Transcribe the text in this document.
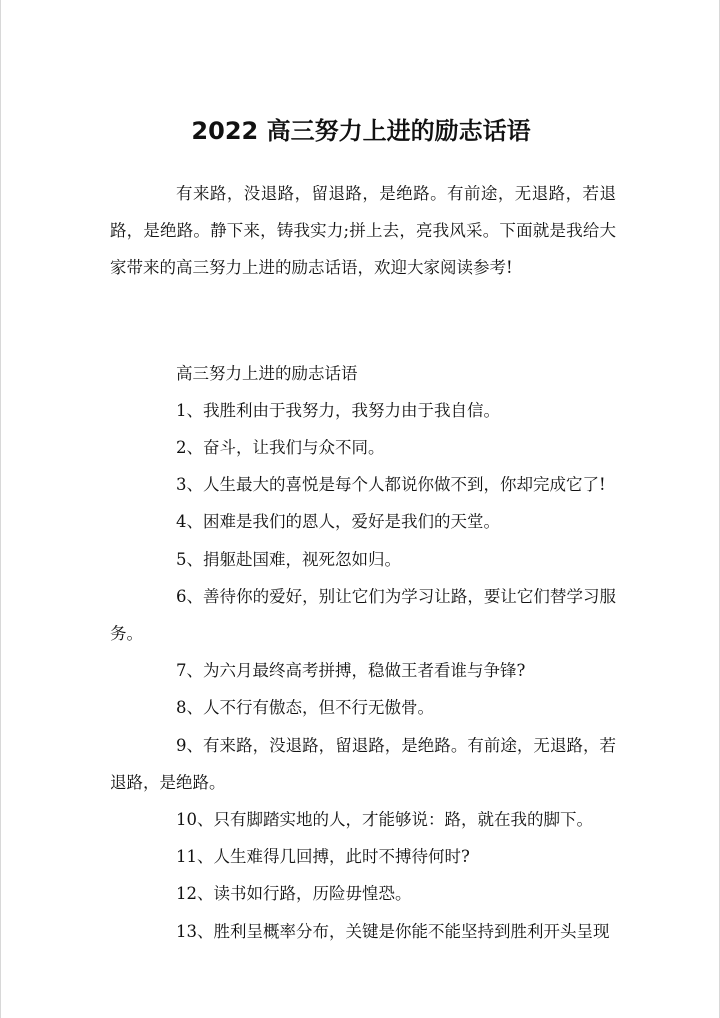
2022 高三努力上进的励志话语

有来路，没退路，留退路，是绝路。有前途，无退路，若退路，是绝路。静下来，铸我实力;拼上去，亮我风采。下面就是我给大家带来的高三努力上进的励志话语，欢迎大家阅读参考!

高三努力上进的励志话语

1、我胜利由于我努力，我努力由于我自信。
2、奋斗，让我们与众不同。
3、人生最大的喜悦是每个人都说你做不到，你却完成它了!
4、困难是我们的恩人，爱好是我们的天堂。
5、捐躯赴国难，视死忽如归。
6、善待你的爱好，别让它们为学习让路，要让它们替学习服务。
7、为六月最终高考拼搏，稳做王者看谁与争锋?
8、人不行有傲态，但不行无傲骨。
9、有来路，没退路，留退路，是绝路。有前途，无退路，若退路，是绝路。
10、只有脚踏实地的人，才能够说：路，就在我的脚下。
11、人生难得几回搏，此时不搏待何时?
12、读书如行路，历险毋惶恐。
13、胜利呈概率分布，关键是你能不能坚持到胜利开头呈现
